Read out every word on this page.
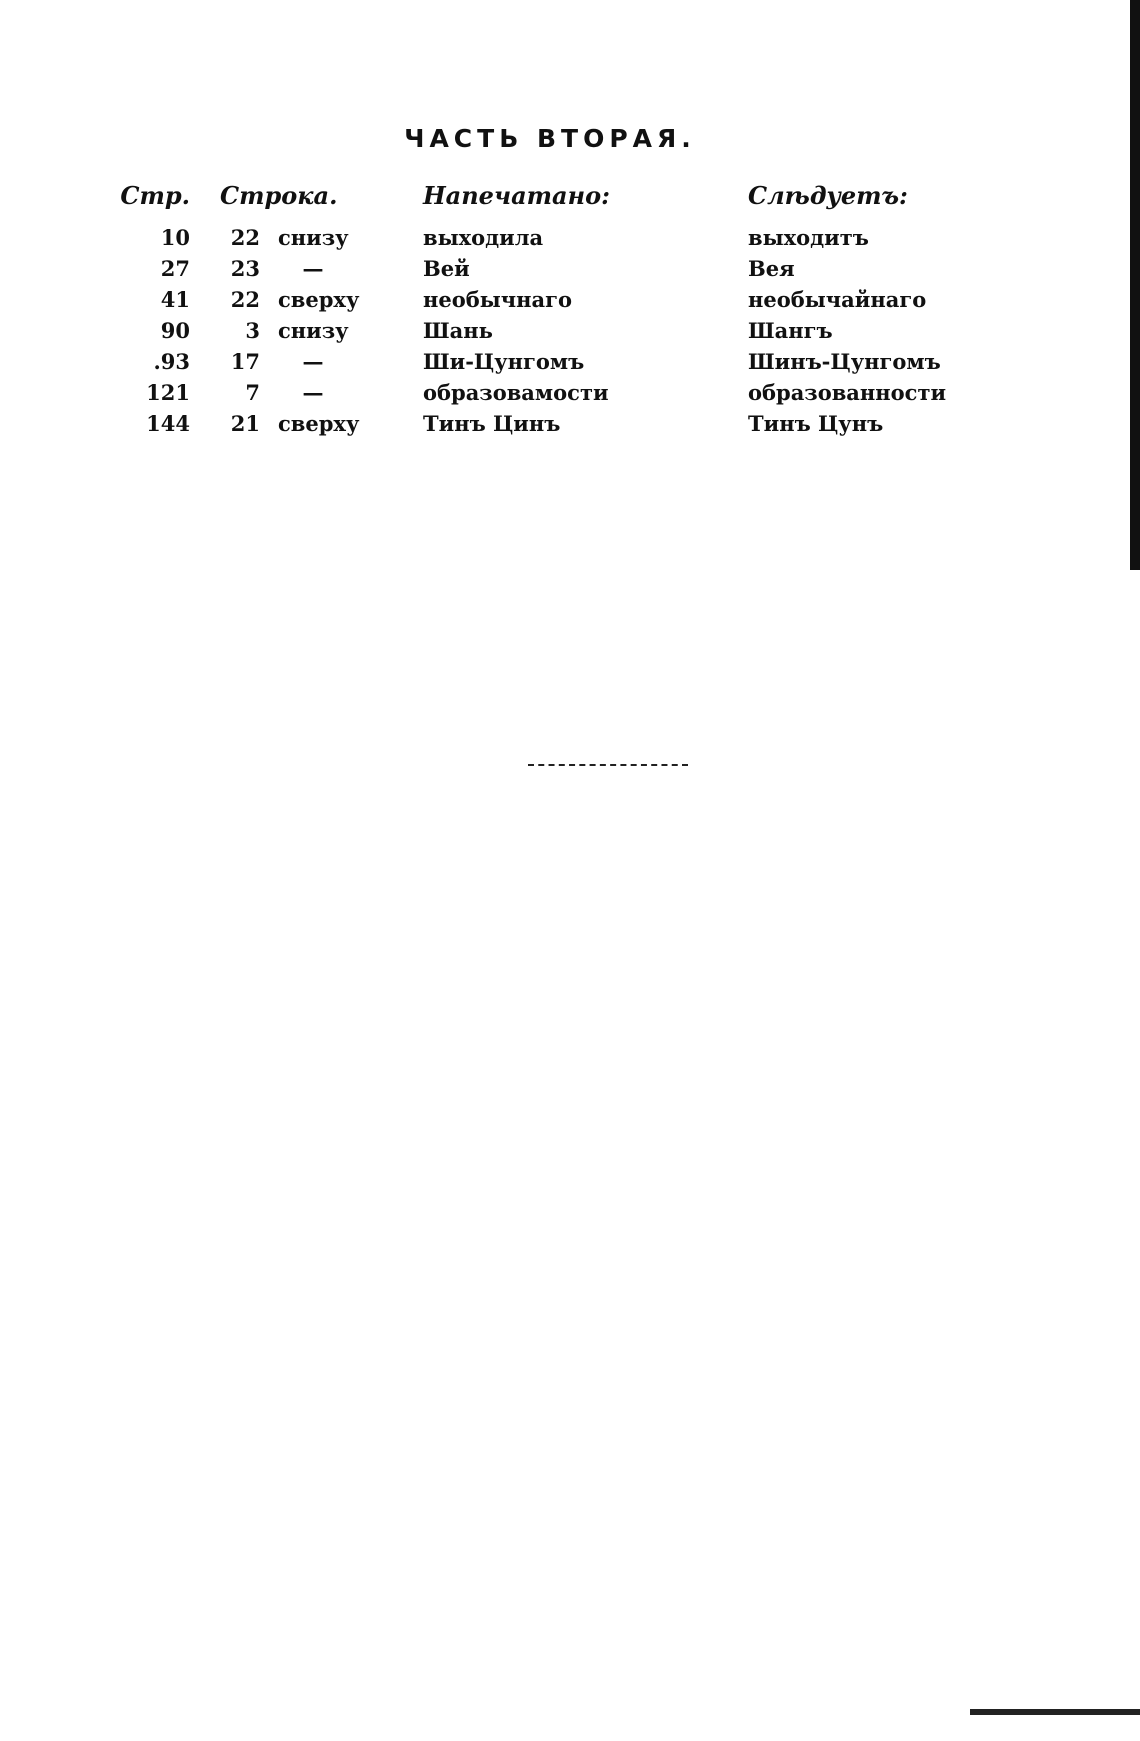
ЧАСТЬ ВТОРАЯ.
Стр.	Строка.		Напечатано:	Слѣдуетъ:
10	22	снизу	выходила	выходитъ
27	23	—	Вей	Вея
41	22	сверху	необычнаго	необычайнаго
90	3	снизу	Шань	Шангъ
.93	17	—	Ши-Цунгомъ	Шинъ-Цунгомъ
121	7	—	образовамости	образованности
144	21	сверху	Тинъ Цинъ	Тинъ Цунъ
